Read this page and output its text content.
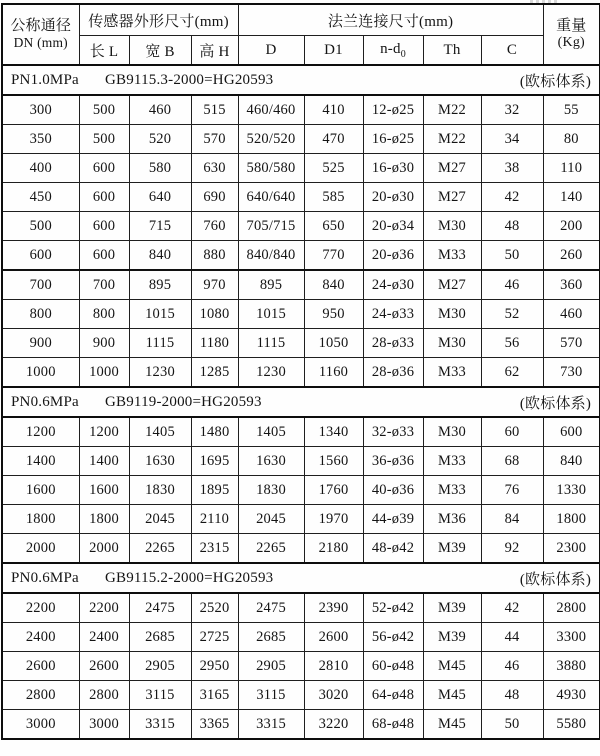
公称通径
DN (mm)
	传感器外形尺寸(mm)	法兰连接尺寸(mm)	重量
(Kg)

	长 L	宽 B	高 H	D	D1	$n-d_0$	Th	C	

PN1.0MPa GB9115.3-2000=HG20593 (欧标体系)									

300	500	460	515	460/460	410	12-ø25	M22	32	55
350	500	520	570	520/520	470	16-ø25	M22	34	80
400	600	580	630	580/580	525	16-ø30	M27	38	110
450	600	640	690	640/640	585	20-ø30	M27	42	140
500	600	715	760	705/715	650	20-ø34	M30	48	200
600	600	840	880	840/840	770	20-ø36	M33	50	260
700	700	895	970	895	840	24-ø30	M27	46	360
800	800	1015	1080	1015	950	24-ø33	M30	52	460
900	900	1115	1180	1115	1050	28-ø33	M30	56	570
1000	1000	1230	1285	1230	1160	28-ø36	M33	62	730

PN0.6MPa GB9119-2000=HG20593 (欧标体系)									

1200	1200	1405	1480	1405	1340	32-ø33	M30	60	600
1400	1400	1630	1695	1630	1560	36-ø36	M33	68	840
1600	1600	1830	1895	1830	1760	40-ø36	M33	76	1330
1800	1800	2045	2110	2045	1970	44-ø39	M36	84	1800
2000	2000	2265	2315	2265	2180	48-ø42	M39	92	2300

PN0.6MPa GB9115.2-2000=HG20593 (欧标体系)									

2200	2200	2475	2520	2475	2390	52-ø42	M39	42	2800
2400	2400	2685	2725	2685	2600	56-ø42	M39	44	3300
2600	2600	2905	2950	2905	2810	60-ø48	M45	46	3880
2800	2800	3115	3165	3115	3020	64-ø48	M45	48	4930
3000	3000	3315	3365	3315	3220	68-ø48	M45	50	5580
